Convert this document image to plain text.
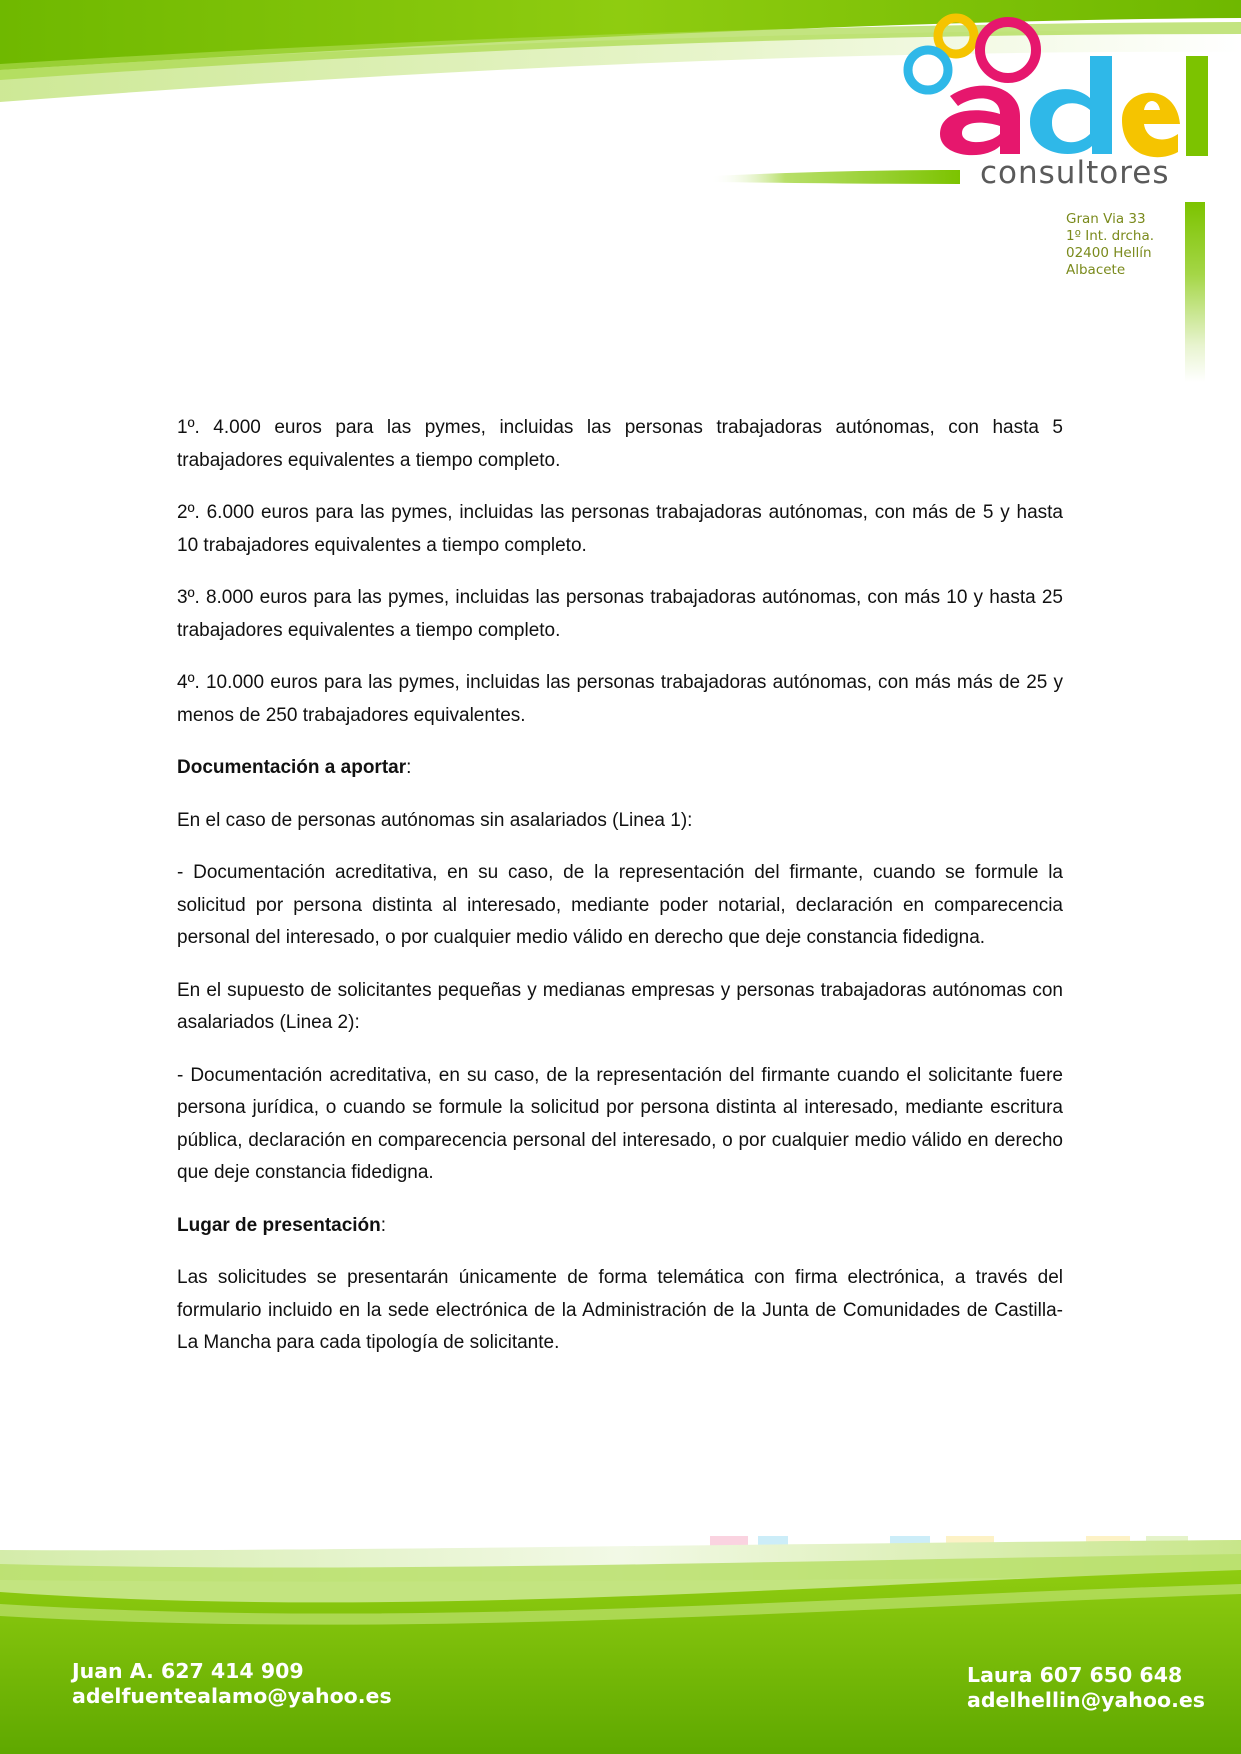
consultores
Gran Via 33
1º Int. drcha.
02400 Hellín
Albacete

1º. 4.000 euros para las pymes, incluidas las personas trabajadoras autónomas, con hasta 5 trabajadores equivalentes a tiempo completo.

2º. 6.000 euros para las pymes, incluidas las personas trabajadoras autónomas, con más de 5 y hasta 10 trabajadores equivalentes a tiempo completo.

3º. 8.000 euros para las pymes, incluidas las personas trabajadoras autónomas, con más 10 y hasta 25 trabajadores equivalentes a tiempo completo.

4º. 10.000 euros para las pymes, incluidas las personas trabajadoras autónomas, con más más de 25 y menos de 250 trabajadores equivalentes.

Documentación a aportar:

En el caso de personas autónomas sin asalariados (Linea 1):

- Documentación acreditativa, en su caso, de la representación del firmante, cuando se formule la solicitud por persona distinta al interesado, mediante poder notarial, declaración en comparecencia personal del interesado, o por cualquier medio válido en derecho que deje constancia fidedigna.

En el supuesto de solicitantes pequeñas y medianas empresas y personas trabajadoras autónomas con asalariados (Linea 2):

- Documentación acreditativa, en su caso, de la representación del firmante cuando el solicitante fuere persona jurídica, o cuando se formule la solicitud por persona distinta al interesado, mediante escritura pública, declaración en comparecencia personal del interesado, o por cualquier medio válido en derecho que deje constancia fidedigna.

Lugar de presentación:

Las solicitudes se presentarán únicamente de forma telemática con firma electrónica, a través del formulario incluido en la sede electrónica de la Administración de la Junta de Comunidades de Castilla- La Mancha para cada tipología de solicitante.

Juan A. 627 414 909
adelfuentealamo@yahoo.es
Laura 607 650 648
adelhellin@yahoo.es
